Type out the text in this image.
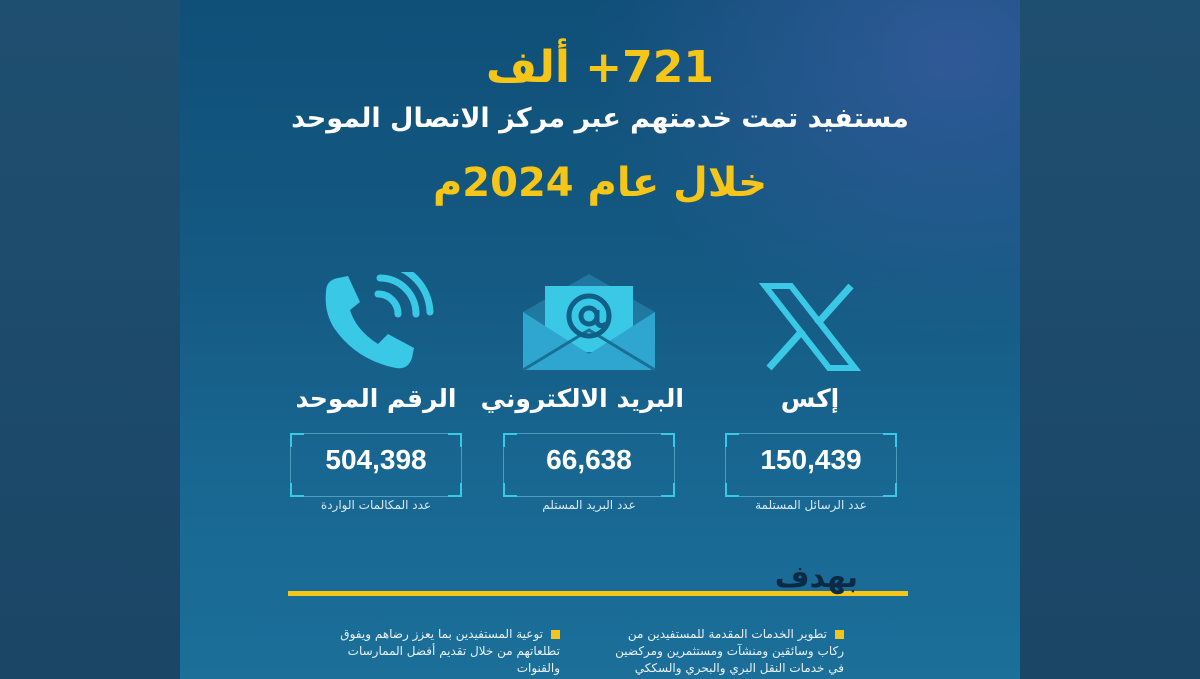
721+ ألف
مستفيد تمت خدمتهم عبر مركز الاتصال الموحد
خلال عام 2024م
إكس
البريد الالكتروني
الرقم الموحد
150,439
عدد الرسائل المستلمة
66,638
عدد البريد المستلم
504,398
عدد المكالمات الواردة
بهدف
تطوير الخدمات المقدمة للمستفيدين من ركاب وسائقين ومنشآت ومستثمرين ومركضين في خدمات النقل البري والبحري والسككي
توعية المستفيدين بما يعزز رضاهم ويفوق تطلعاتهم من خلال تقديم أفضل الممارسات والقنوات
